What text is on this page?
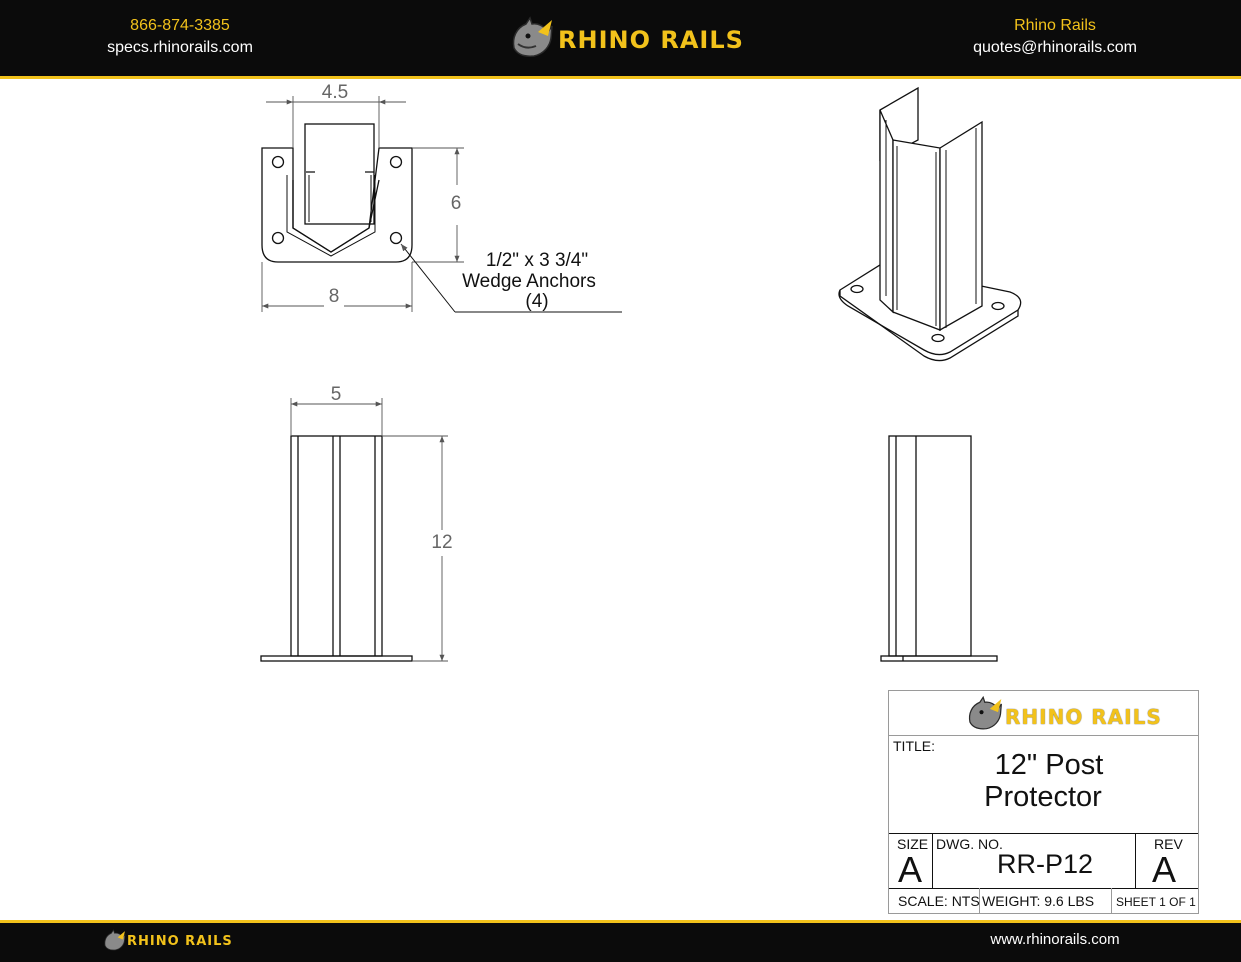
866-874-3385
specs.rhinorails.com	RHINO RAILS
Rhino Rails
quotes@rhinorails.com
4.5
6
8
1/2" x 3 3/4"
Wedge Anchors
(4)
5
12
RHINO RAILS
TITLE:
12" Post
Protector
SIZE
A
DWG. NO.
RR-P12
REV
A
SCALE: NTS WEIGHT: 9.6 LBS SHEET 1 OF 1
RHINO RAILS	www.rhinorails.com
